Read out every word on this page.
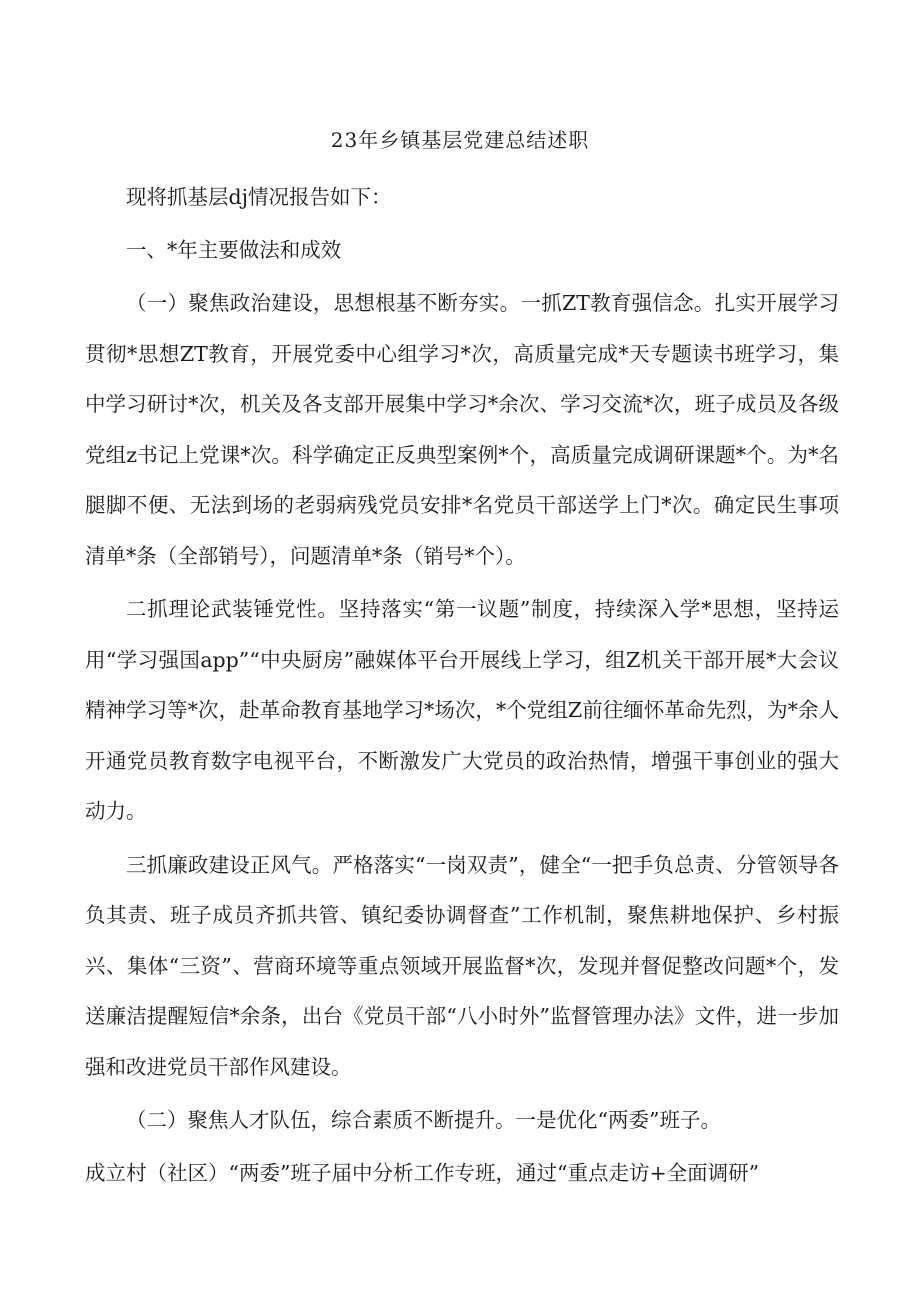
23年乡镇基层党建总结述职

现将抓基层dj情况报告如下：

一、*年主要做法和成效

（一）聚焦政治建设，思想根基不断夯实。一抓ZT教育强信念。扎实开展学习贯彻*思想ZT教育，开展党委中心组学习*次，高质量完成*天专题读书班学习，集中学习研讨*次，机关及各支部开展集中学习*余次、学习交流*次，班子成员及各级党组z书记上党课*次。科学确定正反典型案例*个，高质量完成调研课题*个。为*名腿脚不便、无法到场的老弱病残党员安排*名党员干部送学上门*次。确定民生事项清单*条（全部销号），问题清单*条（销号*个）。

二抓理论武装锤党性。坚持落实“第一议题”制度，持续深入学*思想，坚持运用“学习强国app”“中央厨房”融媒体平台开展线上学习，组Z机关干部开展*大会议精神学习等*次，赴革命教育基地学习*场次，*个党组Z前往缅怀革命先烈，为*余人开通党员教育数字电视平台，不断激发广大党员的政治热情，增强干事创业的强大动力。

三抓廉政建设正风气。严格落实“一岗双责”，健全“一把手负总责、分管领导各负其责、班子成员齐抓共管、镇纪委协调督查”工作机制，聚焦耕地保护、乡村振兴、集体“三资”、营商环境等重点领域开展监督*次，发现并督促整改问题*个，发送廉洁提醒短信*余条，出台《党员干部“八小时外”监督管理办法》文件，进一步加强和改进党员干部作风建设。

（二）聚焦人才队伍，综合素质不断提升。一是优化“两委”班子。

成立村（社区）“两委”班子届中分析工作专班，通过“重点走访+全面调研”
